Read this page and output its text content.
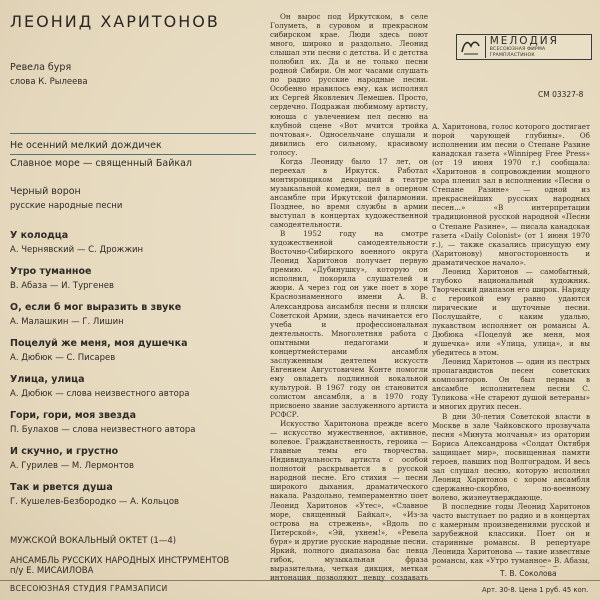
ЛЕОНИД ХАРИТОНОВ
МЕЛОДИЯ
ВСЕСОЮЗНАЯ ФИРМА ГРАМПЛАСТИНОК
СМ 03327-8
Ревела буря
слова К. Рылеева
Не осенний мелкий дождичек
Славное море — священный Байкал
Черный ворон
русские народные песни
У колодца
А. Чернявский — С. Дрожжин
Утро туманное
В. Абаза — И. Тургенев
О, если б мог выразить в звуке
А. Малашкин — Г. Лишин
Поцелуй же меня, моя душечка
А. Дюбюк — С. Писарев
Улица, улица
А. Дюбюк — слова неизвестного автора
Гори, гори, моя звезда
П. Булахов — слова неизвестного автора
И скучно, и грустно
А. Гурилев — М. Лермонтов
Так и рвется душа
Г. Кушелев-Безбородко — А. Кольцов
МУЖСКОЙ ВОКАЛЬНЫЙ ОКТЕТ (1—4)
АНСАМБЛЬ РУССКИХ НАРОДНЫХ ИНСТРУМЕНТОВ
п/у Е. МИСАИЛОВА
ВСЕСОЮЗНАЯ СТУДИЯ ГРАМЗАПИСИ

Он вырос под Иркутском, в селе Голуметь, в суровом и прекрасном сибирском крае. Люди здесь поют много, широко и раздольно. Леонид слышал эти песни с детства. И с детства полюбил их. Да и не только песни родной Сибири. Он мог часами слушать по радио русские народные песни. Особенно нравилось ему, как исполнял их Сергей Яковлевич Лемешев. Просто, сердечно. Подражая любимому артисту, юноша с увлечением пел песню на клубной сцене «Вот мчится тройка почтовая». Односельчане слушали и дивились его сильному, красивому голосу.

Когда Леониду было 17 лет, он переехал в Иркутск. Работал монтировщиком декораций в театре музыкальной комедии, пел в оперном ансамбле при Иркутской филармонии. Позднее, во время службы в армии выступал в концертах художественной самодеятельности.

В 1952 году на смотре художественной самодеятельности Восточно-Сибирского военного округа Леонид Харитонов получает первую премию. «Дубинушку», которую он исполнил, покорила слушателей и жюри. А через год он уже поет в хоре Краснознаменного имени А. В. Александрова ансамбля песни и пляски Советской Армии, здесь начинается его учеба и профессиональная деятельность. Многолетняя работа с опытными педагогами и концертмейстерами ансамбля заслуженным деятелем искусств Евгением Августовичем Конте помогли ему овладеть подлинной вокальной культурой. В 1967 году он становится солистом ансамбля, а в 1970 году присвоено звание заслуженного артиста РСФСР.

Искусство Харитонова прежде всего — искусство мужественное, активное, волевое. Гражданственность, героика — главные темы его творчества. Индивидуальность артиста с особой полнотой раскрывается в русской народной песне. Его стихия — песни широкого дыхания, драматического накала. Раздольно, темпераментно поет Леонид Харитонов «Утес», «Славное море, священный Байкал», «Из-за острова на стрежень», «Вдоль по Питерской», «Эй, ухнем!», «Ревела буря» и другие русские народные песни. Яркий, полного диапазона бас певца гибок, музыкальная фраза выразительна, четкая дикция, меткая интонация позволяют певцу создавать

А. Харитонова, голос которого достигает порой чарующей глубины». Об исполнении им песни о Степане Разине канадская газета «Winnipeg Free Press» (от 19 июня 1970 г.) сообщала: «Харитонов в сопровождении мощного хора пленил зал в исполнении «Песни о Степане Разине» — одной из прекраснейших русских народных песен...» «В интерпретации традиционной русской народной «Песни о Степане Разине», — писала канадская газета «Daily Colonist» (от 1 июня 1970 г.), — также сказались присущую ему (Харитонову) многосторонность и драматическое начало».

Леонид Харитонов — самобытный, глубоко национальный художник. Творческий диапазон его широк. Наряду с героикой ему равно удаются лирические и шуточные песни. Послушайте, с каким удалью, лукавством исполняет он романсы А. Дюбюка «Поцелуй же меня, моя душечка» или «Улица, улица», и вы убедитесь в этом.

Леонид Харитонов — один из пестрых пропагандистов песен советских композиторов. Он был первым в ансамбле исполнителем песни С. Туликова «Не стареют душой ветераны» и многих других песен.

В дни 30-летия Советской власти в Москве в зале Чайковского прозвучала песня «Минута молчанья» из оратории Бориса Александрова «Солдат Октября защищает мир», посвященная памяти героев, павших под Волгоградом. И весь зал слушал песню, которую исполнял Леонид Харитонов с хором ансамбля сдержанно-скорбно, по-военному волево, жизнеутверждающе.

В последние годы Леонид Харитонов часто выступает по радио и в концертах с камерным произведениями русской и зарубежной классики. Поет он и старинные романсы. В репертуаре Леонида Харитонова — такие известные романсы, как «Утро туманное» В. Абазы,

Т. В. Соколова
Арт. 30-8. Цена 1 руб. 45 коп.
